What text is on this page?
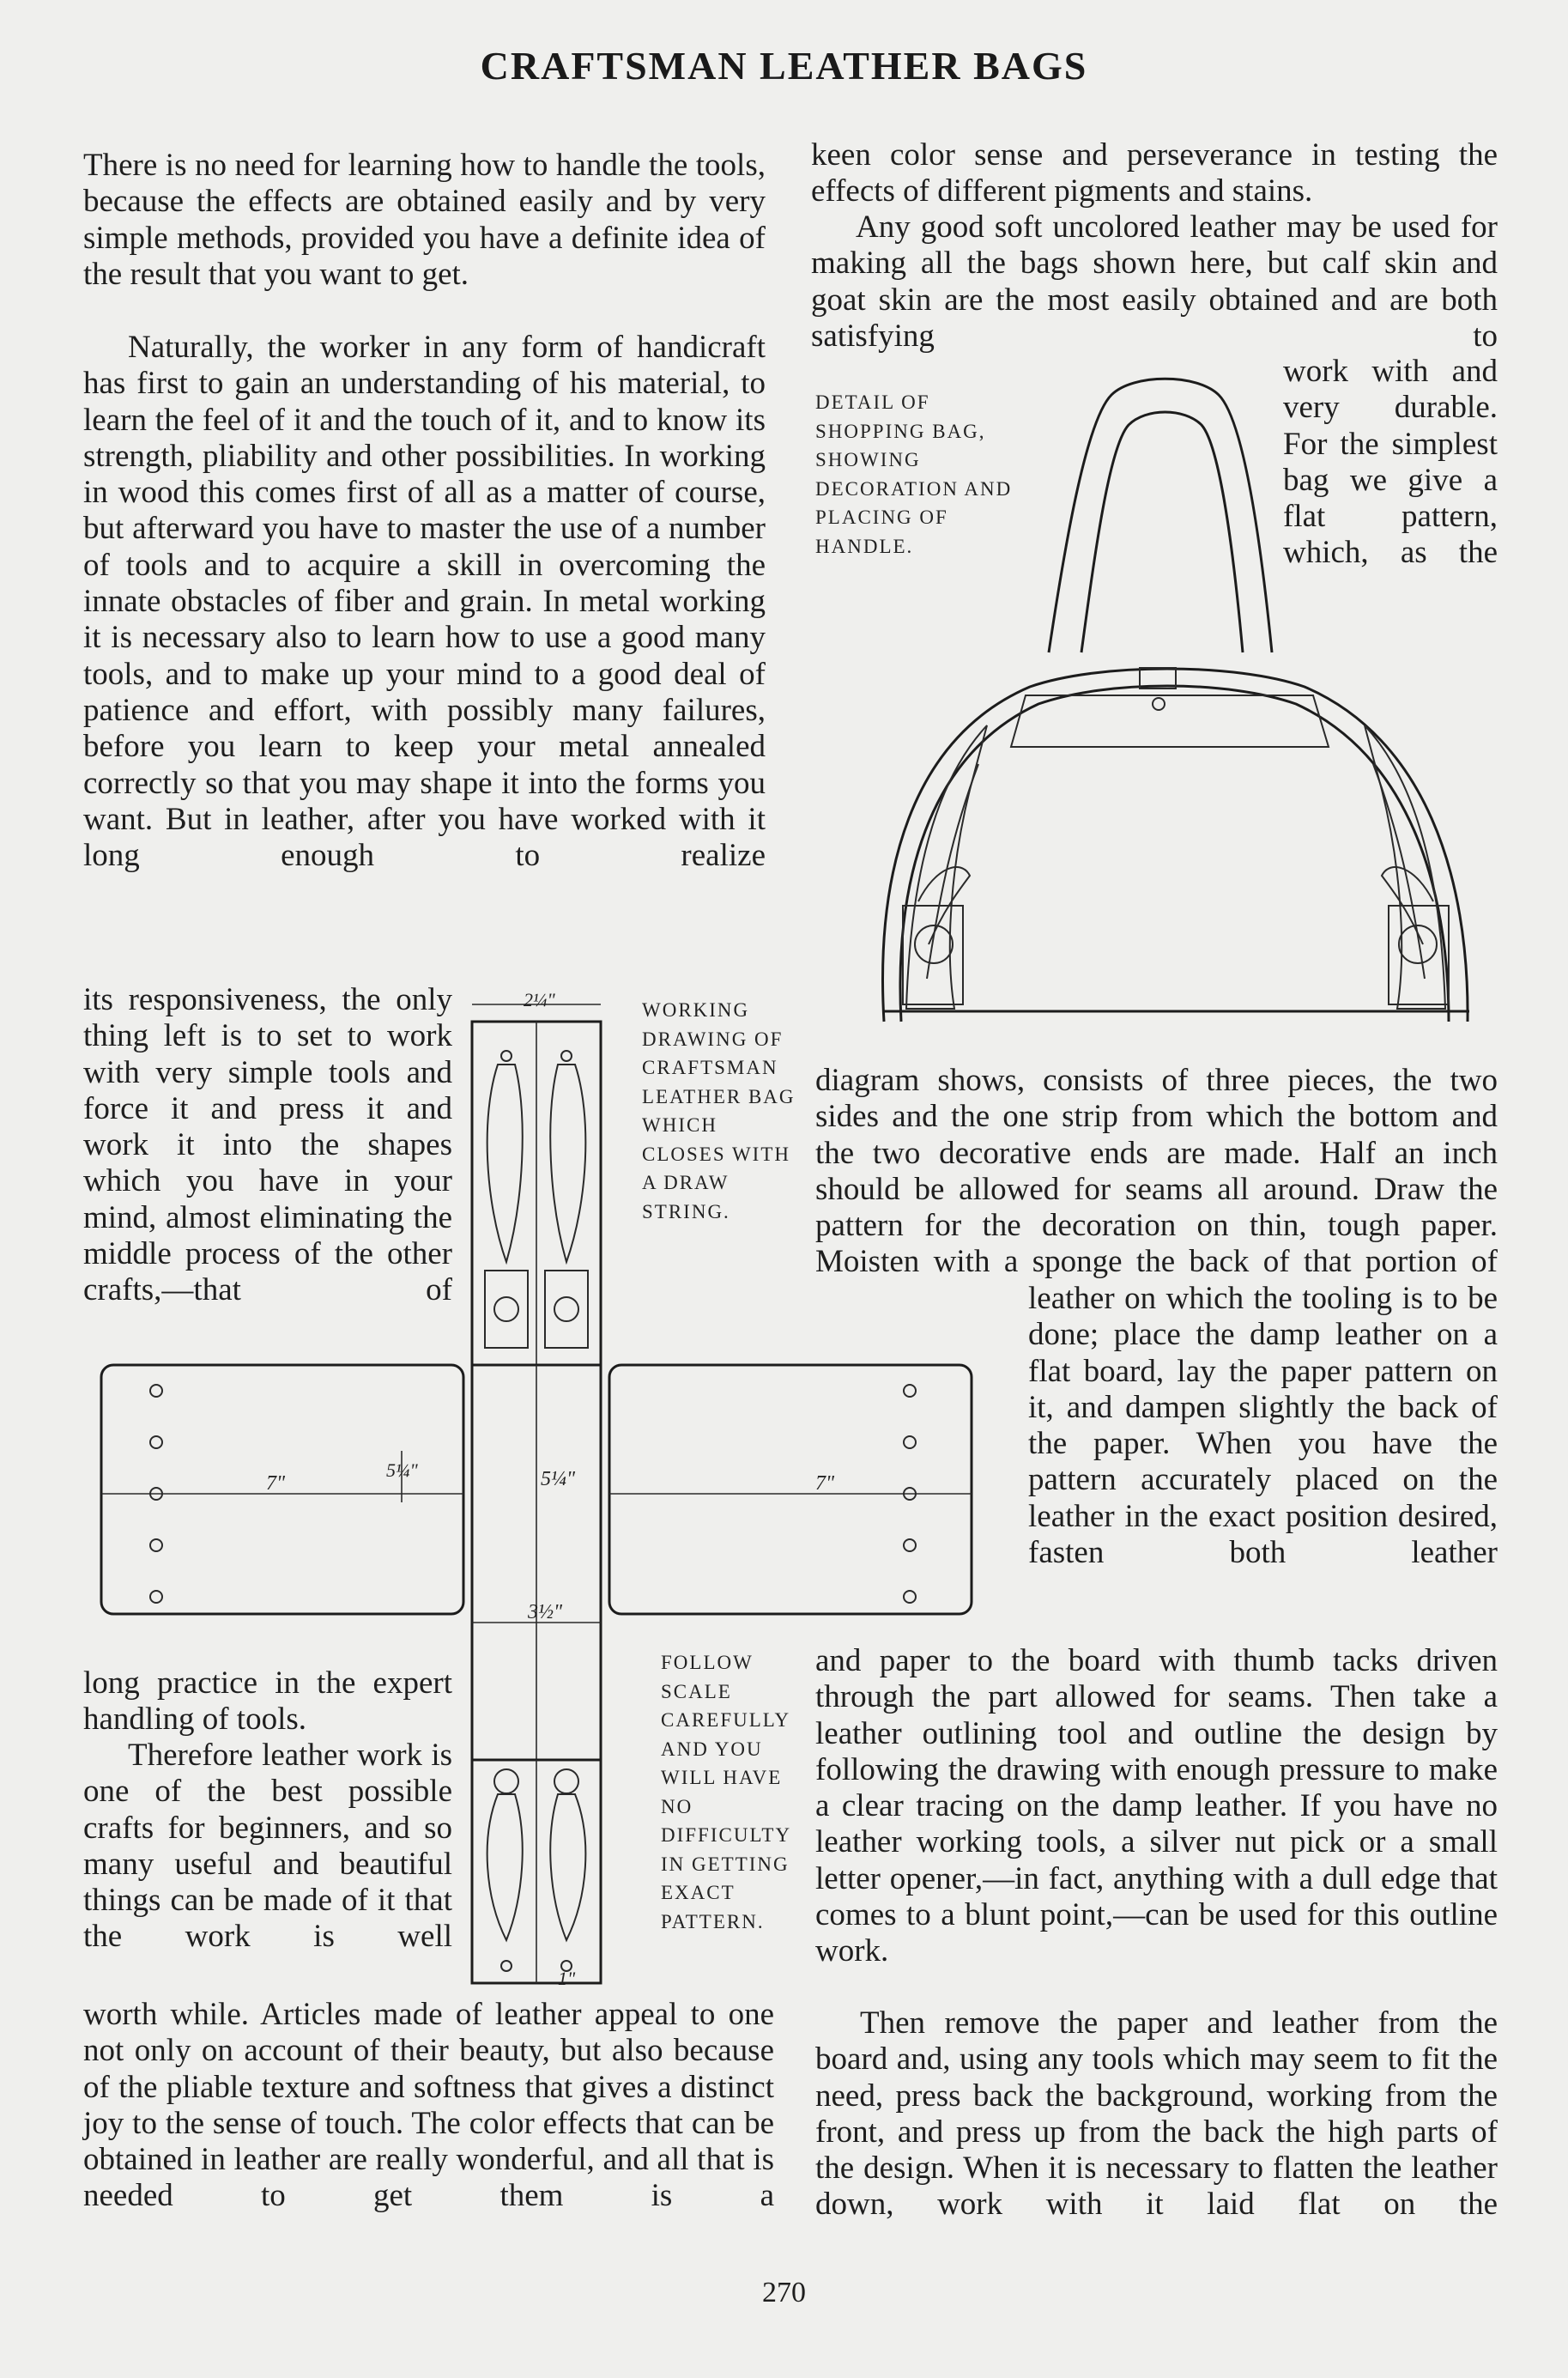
CRAFTSMAN LEATHER BAGS

There is no need for learning how to handle the tools, because the effects are obtained easily and by very simple methods, provided you have a definite idea of the result that you want to get.

Naturally, the worker in any form of handicraft has first to gain an understanding of his material, to learn the feel of it and the touch of it, and to know its strength, pliability and other possibilities. In working in wood this comes first of all as a matter of course, but afterward you have to master the use of a number of tools and to acquire a skill in overcoming the innate obstacles of fiber and grain. In metal working it is necessary also to learn how to use a good many tools, and to make up your mind to a good deal of patience and effort, with possibly many failures, before you learn to keep your metal annealed correctly so that you may shape it into the forms you want. But in leather, after you have worked with it long enough to realize

its responsiveness, the only thing left is to set to work with very simple tools and force it and press it and work it into the shapes which you have in your mind, almost eliminating the middle process of the other crafts,—that of

long practice in the expert handling of tools.

Therefore leather work is one of the best possible crafts for beginners, and so many useful and beautiful things can be made of it that the work is well

worth while. Articles made of leather appeal to one not only on account of their beauty, but also because of the pliable texture and softness that gives a distinct joy to the sense of touch. The color effects that can be obtained in leather are really wonderful, and all that is needed to get them is a

keen color sense and perseverance in testing the effects of different pigments and stains.

Any good soft uncolored leather may be used for making all the bags shown here, but calf skin and goat skin are the most easily obtained and are both satisfying to

work with and very durable. For the simplest bag we give a flat pattern, which, as the

diagram shows, consists of three pieces, the two sides and the one strip from which the bottom and the two decorative ends are made. Half an inch should be allowed for seams all around. Draw the pattern for the decoration on thin, tough paper. Moisten with a sponge the back of that portion of

leather on which the tooling is to be done; place the damp leather on a flat board, lay the paper pattern on it, and dampen slightly the back of the paper. When you have the pattern accurately placed on the leather in the exact position desired, fasten both leather

and paper to the board with thumb tacks driven through the part allowed for seams. Then take a leather outlining tool and outline the design by following the drawing with enough pressure to make a clear tracing on the damp leather. If you have no leather working tools, a silver nut pick or a small letter opener,—in fact, anything with a dull edge that comes to a blunt point,—can be used for this outline work.

Then remove the paper and leather from the board and, using any tools which may seem to fit the need, press back the background, working from the front, and press up from the back the high parts of the design. When it is necessary to flatten the leather down, work with it laid flat on the

DETAIL OF SHOPPING BAG, SHOWING DECORATION AND PLACING OF HANDLE.

WORKING DRAWING OF CRAFTSMAN LEATHER BAG WHICH CLOSES WITH A DRAW STRING.

FOLLOW SCALE CAREFULLY AND YOU WILL HAVE NO DIFFICULTY IN GETTING EXACT PATTERN.

2¼"
5¼"
3½"
7"
5¼"
7"
1"
270
